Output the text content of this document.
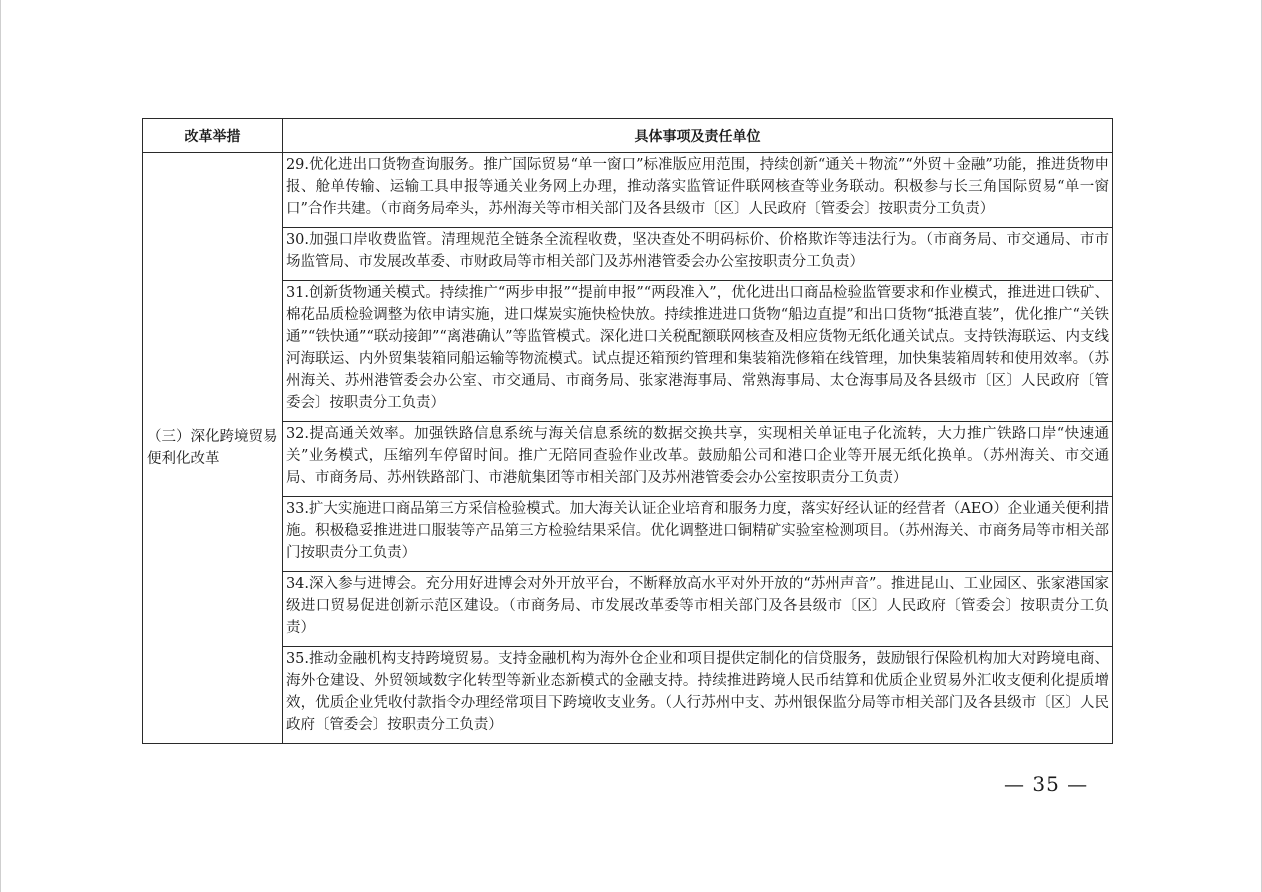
改革举措	具体事项及责任单位
（三）深化跨境贸易便利化改革	29.优化进出口货物查询服务。推广国际贸易“单一窗口”标准版应用范围，持续创新“通关＋物流”“外贸＋金融”功能，推进货物申报、舱单传输、运输工具申报等通关业务网上办理，推动落实监管证件联网核查等业务联动。积极参与长三角国际贸易“单一窗口”合作共建。（市商务局牵头，苏州海关等市相关部门及各县级市〔区〕人民政府〔管委会〕按职责分工负责）
	30.加强口岸收费监管。清理规范全链条全流程收费，坚决查处不明码标价、价格欺诈等违法行为。（市商务局、市交通局、市市场监管局、市发展改革委、市财政局等市相关部门及苏州港管委会办公室按职责分工负责）
	31.创新货物通关模式。持续推广“两步申报”“提前申报”“两段准入”，优化进出口商品检验监管要求和作业模式，推进进口铁矿、棉花品质检验调整为依申请实施，进口煤炭实施快检快放。持续推进进口货物“船边直提”和出口货物“抵港直装”，优化推广“关铁通”“铁快通”“联动接卸”“离港确认”等监管模式。深化进口关税配额联网核查及相应货物无纸化通关试点。支持铁海联运、内支线河海联运、内外贸集装箱同船运输等物流模式。试点提还箱预约管理和集装箱洗修箱在线管理，加快集装箱周转和使用效率。（苏州海关、苏州港管委会办公室、市交通局、市商务局、张家港海事局、常熟海事局、太仓海事局及各县级市〔区〕人民政府〔管委会〕按职责分工负责）
	32.提高通关效率。加强铁路信息系统与海关信息系统的数据交换共享，实现相关单证电子化流转，大力推广铁路口岸“快速通关”业务模式，压缩列车停留时间。推广无陪同查验作业改革。鼓励船公司和港口企业等开展无纸化换单。（苏州海关、市交通局、市商务局、苏州铁路部门、市港航集团等市相关部门及苏州港管委会办公室按职责分工负责）
	33.扩大实施进口商品第三方采信检验模式。加大海关认证企业培育和服务力度，落实好经认证的经营者（AEO）企业通关便利措施。积极稳妥推进进口服装等产品第三方检验结果采信。优化调整进口铜精矿实验室检测项目。（苏州海关、市商务局等市相关部门按职责分工负责）
	34.深入参与进博会。充分用好进博会对外开放平台，不断释放高水平对外开放的“苏州声音”。推进昆山、工业园区、张家港国家级进口贸易促进创新示范区建设。（市商务局、市发展改革委等市相关部门及各县级市〔区〕人民政府〔管委会〕按职责分工负责）
	35.推动金融机构支持跨境贸易。支持金融机构为海外仓企业和项目提供定制化的信贷服务，鼓励银行保险机构加大对跨境电商、海外仓建设、外贸领域数字化转型等新业态新模式的金融支持。持续推进跨境人民币结算和优质企业贸易外汇收支便利化提质增效，优质企业凭收付款指令办理经常项目下跨境收支业务。（人行苏州中支、苏州银保监分局等市相关部门及各县级市〔区〕人民政府〔管委会〕按职责分工负责）
— 35 —
